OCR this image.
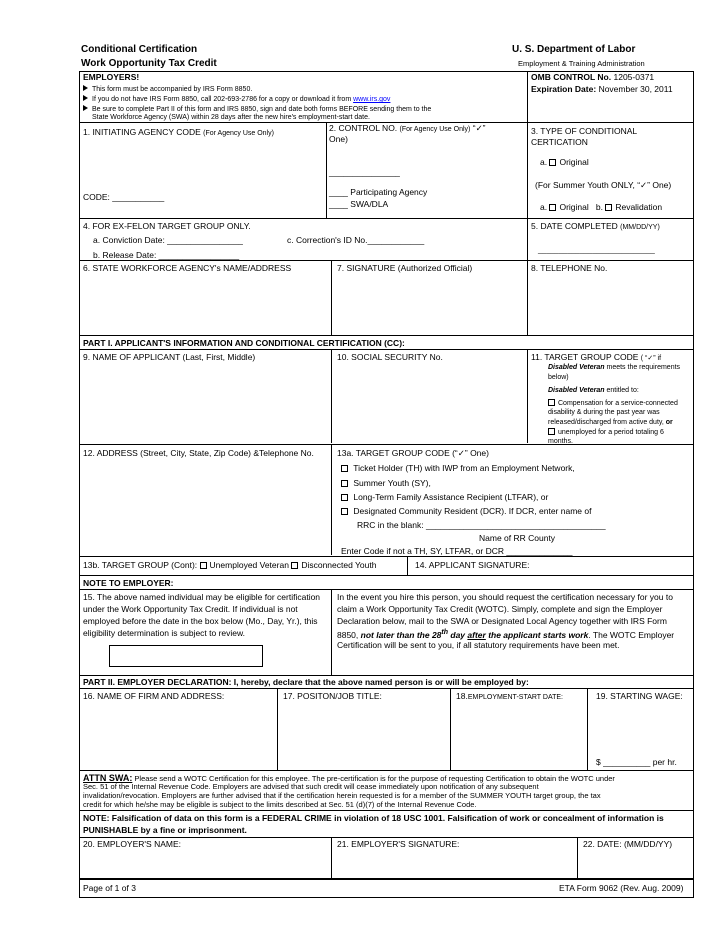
Conditional Certification
Work Opportunity Tax Credit
U. S. Department of Labor
Employment & Training Administration
EMPLOYERS!
This form must be accompanied by IRS Form 8850.
If you do not have IRS Form 8850, call 202-693-2786 for a copy or download it from www.irs.gov
Be sure to complete Part II of this form and IRS 8850, sign and date both forms BEFORE sending them to the
State Workforce Agency (SWA) within 28 days after the new hire's employment-start date.
OMB CONTROL No. 1205-0371
Expiration Date: November 30, 2011
1. INITIATING AGENCY CODE (For Agency Use Only)
CODE: ___________
2. CONTROL NO. (For Agency Use Only) “✓”
One)
_______________
____ Participating Agency
____ SWA/DLA
3. TYPE OF CONDITIONAL
CERTICATION
a. Original
(For Summer Youth ONLY, “✓” One)
a. Original b. Revalidation
4. FOR EX-FELON TARGET GROUP ONLY.
a. Conviction Date: ________________	c. Correction's ID No.____________
b. Release Date: _________________
5. DATE COMPLETED (MM/DD/YY)
____________________________
6. STATE WORKFORCE AGENCY's NAME/ADDRESS	7. SIGNATURE (Authorized Official)	8. TELEPHONE No.
PART I. APPLICANT'S INFORMATION AND CONDITIONAL CERTIFICATION (CC):
9. NAME OF APPLICANT (Last, First, Middle)	10. SOCIAL SECURITY No.	11. TARGET GROUP CODE ( “✓” if
Disabled Veteran meets the requirements
below)
Disabled Veteran entitled to:
Compensation for a service-connected
disability & during the past year was
released/discharged from active duty, or
unemployed for a period totaling 6
months.
12. ADDRESS (Street, City, State, Zip Code) &Telephone No.	13a. TARGET GROUP CODE (“✓” One)
Ticket Holder (TH) with IWP from an Employment Network,
Summer Youth (SY),
Long-Term Family Assistance Recipient (LTFAR), or
Designated Community Resident (DCR). If DCR, enter name of
RRC in the blank: ______________________________________
Name of RR County
Enter Code if not a TH, SY, LTFAR, or DCR ______________
13b. TARGET GROUP (Cont): Unemployed Veteran Disconnected Youth	14. APPLICANT SIGNATURE:
NOTE TO EMPLOYER:
15. The above named individual may be eligible for certification
under the Work Opportunity Tax Credit. If individual is not
employed before the date in the box below (Mo., Day, Yr.), this
eligibility determination is subject to review.
In the event you hire this person, you should request the certification necessary for you to
claim a Work Opportunity Tax Credit (WOTC). Simply, complete and sign the Employer
Declaration below, mail to the SWA or Designated Local Agency together with IRS Form
8850, not later than the 28th day after the applicant starts work. The WOTC Employer
Certification will be sent to you, if all statutory requirements have been met.
PART II. EMPLOYER DECLARATION: I, hereby, declare that the above named person is or will be employed by:
16. NAME OF FIRM AND ADDRESS:	17. POSITON/JOB TITLE:	18.EMPLOYMENT-START DATE:	19. STARTING WAGE:
$ __________ per hr.
ATTN SWA: Please send a WOTC Certification for this employee. The pre-certification is for the purpose of requesting Certification to obtain the WOTC under
Sec. 51 of the Internal Revenue Code. Employers are advised that such credit will cease immediately upon notification of any subsequent
invalidation/revocation. Employers are further advised that if the certification herein requested is for a member of the SUMMER YOUTH target group, the tax
credit for which he/she may be eligible is subject to the limits described at Sec. 51 (d)(7) of the Internal Revenue Code.
NOTE: Falsification of data on this form is a FEDERAL CRIME in violation of 18 USC 1001. Falsification of work or concealment of information is
PUNISHABLE by a fine or imprisonment.
20. EMPLOYER'S NAME:	21. EMPLOYER'S SIGNATURE:	22. DATE: (MM/DD/YY)
Page of 1 of 3	ETA Form 9062 (Rev. Aug. 2009)
